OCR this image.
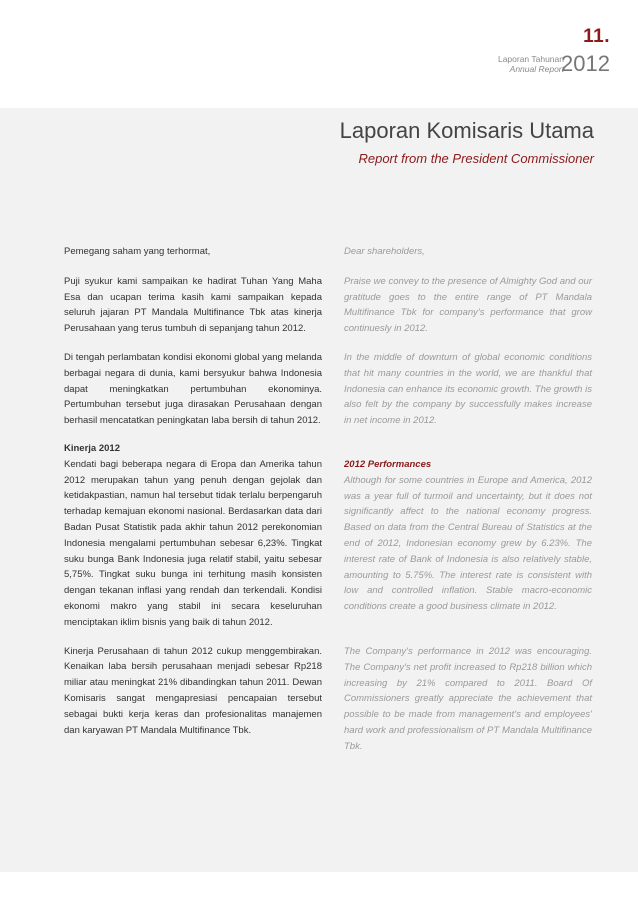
11.
Laporan Tahunan
Annual Report
2012
Laporan Komisaris Utama
Report from the President Commissioner

Pemegang saham yang terhormat,

Puji syukur kami sampaikan ke hadirat Tuhan Yang Maha Esa dan ucapan terima kasih kami sampaikan kepada seluruh jajaran PT Mandala Multifinance Tbk atas kinerja Perusahaan yang terus tumbuh di sepanjang tahun 2012.

Di tengah perlambatan kondisi ekonomi global yang melanda berbagai negara di dunia, kami bersyukur bahwa Indonesia dapat meningkatkan pertumbuhan ekonominya. Pertumbuhan tersebut juga dirasakan Perusahaan dengan berhasil mencatatkan peningkatan laba bersih di tahun 2012.

Kinerja 2012

Kendati bagi beberapa negara di Eropa dan Amerika tahun 2012 merupakan tahun yang penuh dengan gejolak dan ketidakpastian, namun hal tersebut tidak terlalu berpengaruh terhadap kemajuan ekonomi nasional. Berdasarkan data dari Badan Pusat Statistik pada akhir tahun 2012 perekonomian Indonesia mengalami pertumbuhan sebesar 6,23%. Tingkat suku bunga Bank Indonesia juga relatif stabil, yaitu sebesar 5,75%. Tingkat suku bunga ini terhitung masih konsisten dengan tekanan inflasi yang rendah dan terkendali. Kondisi ekonomi makro yang stabil ini secara keseluruhan menciptakan iklim bisnis yang baik di tahun 2012.

Kinerja Perusahaan di tahun 2012 cukup menggembirakan. Kenaikan laba bersih perusahaan menjadi sebesar Rp218 miliar atau meningkat 21% dibandingkan tahun 2011. Dewan Komisaris sangat mengapresiasi pencapaian tersebut sebagai bukti kerja keras dan profesionalitas manajemen dan karyawan PT Mandala Multifinance Tbk.

Dear shareholders,

Praise we convey to the presence of Almighty God and our gratitude goes to the entire range of PT Mandala Multifinance Tbk for company's performance that grow continuesly in 2012.

In the middle of downturn of global economic conditions that hit many countries in the world, we are thankful that Indonesia can enhance its economic growth. The growth is also felt by the company by successfully makes increase in net income in 2012.

2012 Performances

Although for some countries in Europe and America, 2012 was a year full of turmoil and uncertainty, but it does not significantly affect to the national economy progress. Based on data from the Central Bureau of Statistics at the end of 2012, Indonesian economy grew by 6.23%. The interest rate of Bank of Indonesia is also relatively stable, amounting to 5.75%. The interest rate is consistent with low and controlled inflation. Stable macro-economic conditions create a good business climate in 2012.

The Company's performance in 2012 was encouraging. The Company's net profit increased to Rp218 billion which increasing by 21% compared to 2011. Board Of Commissioners greatly appreciate the achievement that possible to be made from management's and employees' hard work and professionalism of PT Mandala Multifinance Tbk.
